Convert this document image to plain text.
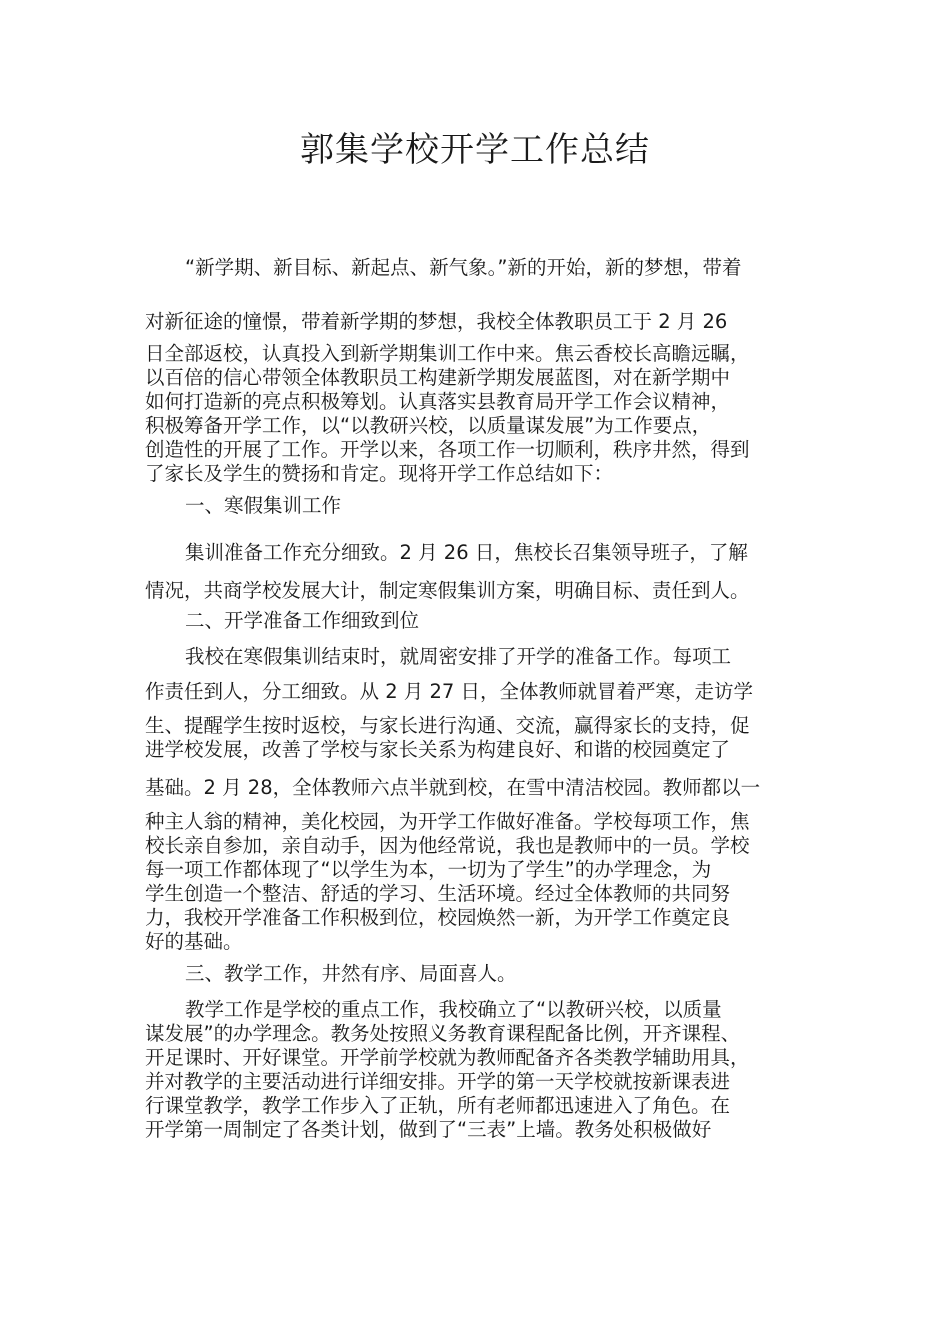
郭集学校开学工作总结
“新学期、新目标、新起点、新气象。”新的开始，新的梦想，带着
对新征途的憧憬，带着新学期的梦想，我校全体教职员工于 2 月 26
日全部返校，认真投入到新学期集训工作中来。焦云香校长高瞻远瞩，
以百倍的信心带领全体教职员工构建新学期发展蓝图，对在新学期中
如何打造新的亮点积极筹划。认真落实县教育局开学工作会议精神，
积极筹备开学工作，以“以教研兴校，以质量谋发展”为工作要点，
创造性的开展了工作。开学以来，各项工作一切顺利，秩序井然，得到
了家长及学生的赞扬和肯定。现将开学工作总结如下：
一、寒假集训工作
集训准备工作充分细致。2 月 26 日，焦校长召集领导班子，了解
情况，共商学校发展大计，制定寒假集训方案，明确目标、责任到人。
二、开学准备工作细致到位
我校在寒假集训结束时，就周密安排了开学的准备工作。每项工
作责任到人，分工细致。从 2 月 27 日，全体教师就冒着严寒，走访学
生、提醒学生按时返校，与家长进行沟通、交流，赢得家长的支持，促
进学校发展，改善了学校与家长关系为构建良好、和谐的校园奠定了
基础。2 月 28，全体教师六点半就到校，在雪中清洁校园。教师都以一
种主人翁的精神，美化校园，为开学工作做好准备。学校每项工作，焦
校长亲自参加，亲自动手，因为他经常说，我也是教师中的一员。学校
每一项工作都体现了“以学生为本，一切为了学生”的办学理念，为
学生创造一个整洁、舒适的学习、生活环境。经过全体教师的共同努
力，我校开学准备工作积极到位，校园焕然一新，为开学工作奠定良
好的基础。
三、教学工作，井然有序、局面喜人。
教学工作是学校的重点工作，我校确立了“以教研兴校，以质量
谋发展”的办学理念。教务处按照义务教育课程配备比例，开齐课程、
开足课时、开好课堂。开学前学校就为教师配备齐各类教学辅助用具，
并对教学的主要活动进行详细安排。开学的第一天学校就按新课表进
行课堂教学，教学工作步入了正轨，所有老师都迅速进入了角色。在
开学第一周制定了各类计划，做到了“三表”上墙。教务处积极做好
